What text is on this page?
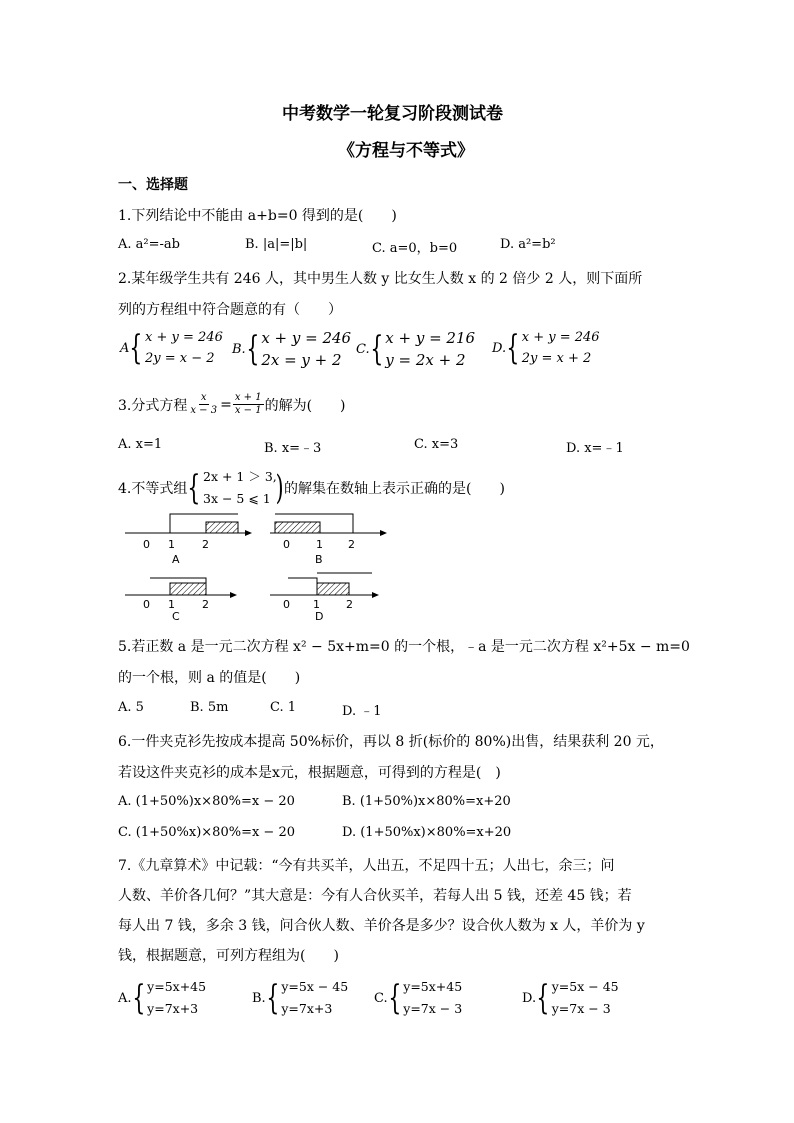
中考数学一轮复习阶段测试卷
《方程与不等式》
一、选择题
1.下列结论中不能由 a+b=0 得到的是(　　)
A. a²=-ab	B. |a|=|b|	C. a=0，b=0	D. a²=b²
2.某年级学生共有 246 人，其中男生人数 y 比女生人数 x 的 2 倍少 2 人，则下面所
列的方程组中符合题意的有（　　）
A { x + y = 246
2y = x − 2
B. { x + y = 246
2x = y + 2
C. { x + y = 216
y = 2x + 2
D. { x + y = 246
2y = x + 2
3.分式方程 $\frac{x}{x - 3} = \frac{x + 1}{x - 1}$ 的解为(　　)
A. x=1	B. x=﹣3	C. x=3	D. x=﹣1
4.不等式组 { 2x + 1 ＞ 3,
3x − 5 ⩽ 1 ) 的解集在数轴上表示正确的是(　　)
0 1 2
A
0 1 2
B
0 1 2
C
0 1 2
D
5.若正数 a 是一元二次方程 x² − 5x+m=0 的一个根，﹣a 是一元二次方程 x²+5x − m=0
的一个根，则 a 的值是(　　)
A. 5	B. 5m	C. 1	D. ﹣1
6.一件夹克衫先按成本提高 50%标价，再以 8 折(标价的 80%)出售，结果获利 20 元，
若设这件夹克衫的成本是x元，根据题意，可得到的方程是(　)
A. (1+50%)x×80%=x − 20	B. (1+50%)x×80%=x+20
C. (1+50%x)×80%=x − 20	D. (1+50%x)×80%=x+20
7.《九章算术》中记载：“今有共买羊，人出五，不足四十五；人出七，余三；问
人数、羊价各几何？”其大意是：今有人合伙买羊，若每人出 5 钱，还差 45 钱；若
每人出 7 钱，多余 3 钱，问合伙人数、羊价各是多少？设合伙人数为 x 人，羊价为 y
钱，根据题意，可列方程组为(　　)
A. { y=5x+45
y=7x+3
B. { y=5x − 45
y=7x+3
C. { y=5x+45
y=7x − 3
D. { y=5x − 45
y=7x − 3
